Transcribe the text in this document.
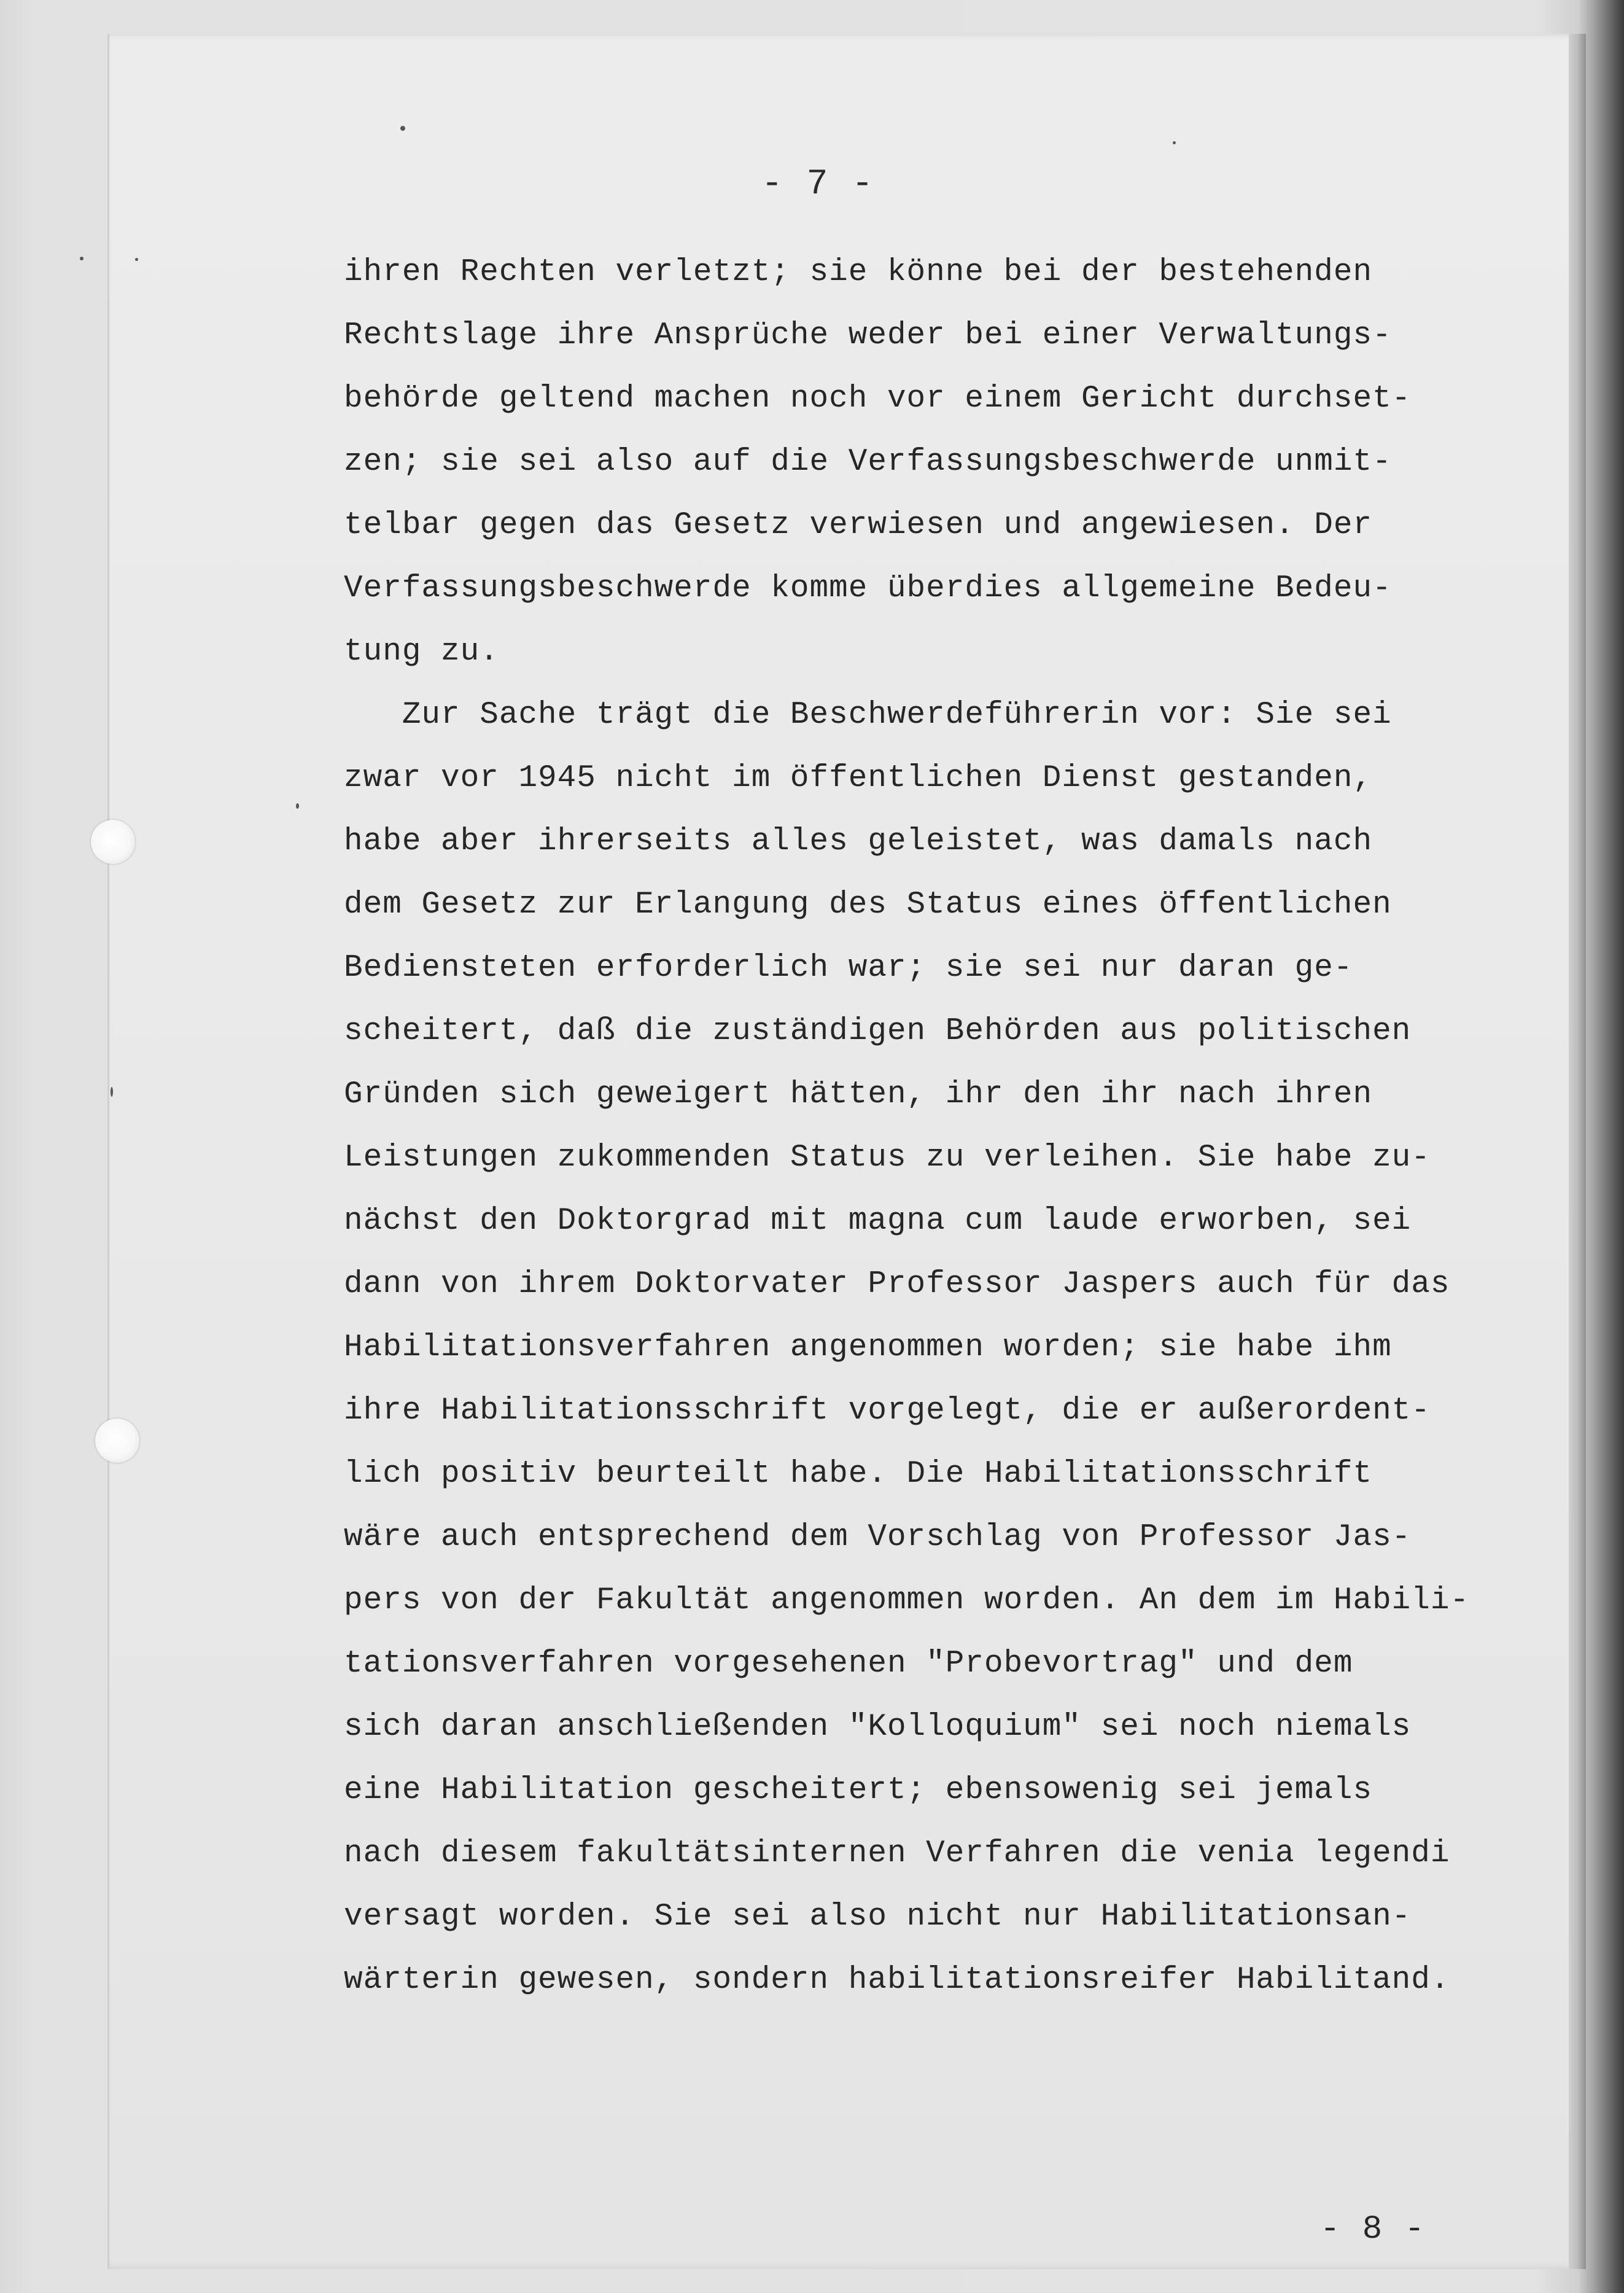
- 7 -
ihren Rechten verletzt; sie könne bei der bestehenden
Rechtslage ihre Ansprüche weder bei einer Verwaltungs-
behörde geltend machen noch vor einem Gericht durchset-
zen; sie sei also auf die Verfassungsbeschwerde unmit-
telbar gegen das Gesetz verwiesen und angewiesen. Der
Verfassungsbeschwerde komme überdies allgemeine Bedeu-
tung zu.
Zur Sache trägt die Beschwerdeführerin vor: Sie sei
zwar vor 1945 nicht im öffentlichen Dienst gestanden,
habe aber ihrerseits alles geleistet, was damals nach
dem Gesetz zur Erlangung des Status eines öffentlichen
Bediensteten erforderlich war; sie sei nur daran ge-
scheitert, daß die zuständigen Behörden aus politischen
Gründen sich geweigert hätten, ihr den ihr nach ihren
Leistungen zukommenden Status zu verleihen. Sie habe zu-
nächst den Doktorgrad mit magna cum laude erworben, sei
dann von ihrem Doktorvater Professor Jaspers auch für das
Habilitationsverfahren angenommen worden; sie habe ihm
ihre Habilitationsschrift vorgelegt, die er außerordent-
lich positiv beurteilt habe. Die Habilitationsschrift
wäre auch entsprechend dem Vorschlag von Professor Jas-
pers von der Fakultät angenommen worden. An dem im Habili-
tationsverfahren vorgesehenen "Probevortrag" und dem
sich daran anschließenden "Kolloquium" sei noch niemals
eine Habilitation gescheitert; ebensowenig sei jemals
nach diesem fakultätsinternen Verfahren die venia legendi
versagt worden. Sie sei also nicht nur Habilitationsan-
wärterin gewesen, sondern habilitationsreifer Habilitand.
- 8 -
